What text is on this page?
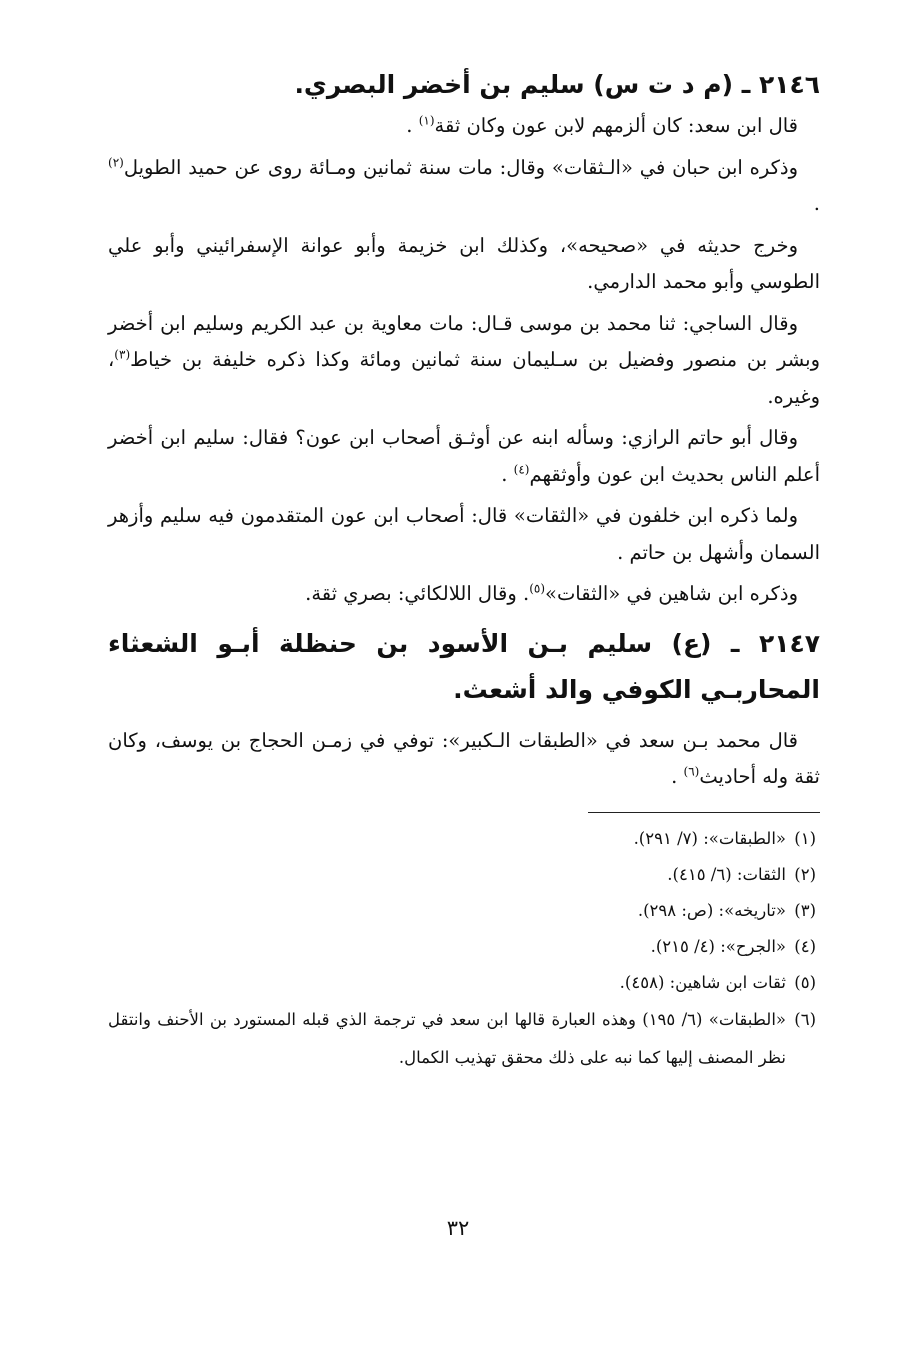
٢١٤٦ ـ (م د ت س) سليم بن أخضر البصري.

قال ابن سعد: كان ألزمهم لابن عون وكان ثقة$^{(١)}$ .

وذكره ابن حبان في «الـثقات» وقال: مات سنة ثمانين ومـائة روى عن حميد الطويل$^{(٢)}$ .

وخرج حديثه في «صحيحه»، وكذلك ابن خزيمة وأبو عوانة الإسفرائيني وأبو علي الطوسي وأبو محمد الدارمي.

وقال الساجي: ثنا محمد بن موسى قـال: مات معاوية بن عبد الكريم وسليم ابن أخضر وبشر بن منصور وفضيل بن سـليمان سنة ثمانين ومائة وكذا ذكره خليفة بن خياط$^{(٣)}$، وغيره.

وقال أبو حاتم الرازي: وسأله ابنه عن أوثـق أصحاب ابن عون؟ فقال: سليم ابن أخضر أعلم الناس بحديث ابن عون وأوثقهم$^{(٤)}$ .

ولما ذكره ابن خلفون في «الثقات» قال: أصحاب ابن عون المتقدمون فيه سليم وأزهر السمان وأشهل بن حاتم .

وذكره ابن شاهين في «الثقات»$^{(٥)}$. وقال اللالكائي: بصري ثقة.

٢١٤٧ ـ (ع) سليم بـن الأسود بن حنظلة أبـو الشعثاء المحاربـي الكوفي والد أشعث.

قال محمد بـن سعد في «الطبقات الـكبير»: توفي في زمـن الحجاج بن يوسف، وكان ثقة وله أحاديث$^{(٦)}$ .

(١)«الطبقات»: (٧/ ٢٩١).

(٢)الثقات: (٦/ ٤١٥).

(٣)«تاريخه»: (ص: ٢٩٨).

(٤)«الجرح»: (٤/ ٢١٥).

(٥)ثقات ابن شاهين: (٤٥٨).

(٦)«الطبقات» (٦/ ١٩٥) وهذه العبارة قالها ابن سعد في ترجمة الذي قبله المستورد بن الأحنف وانتقل نظر المصنف إليها كما نبه على ذلك محقق تهذيب الكمال.

٣٢
